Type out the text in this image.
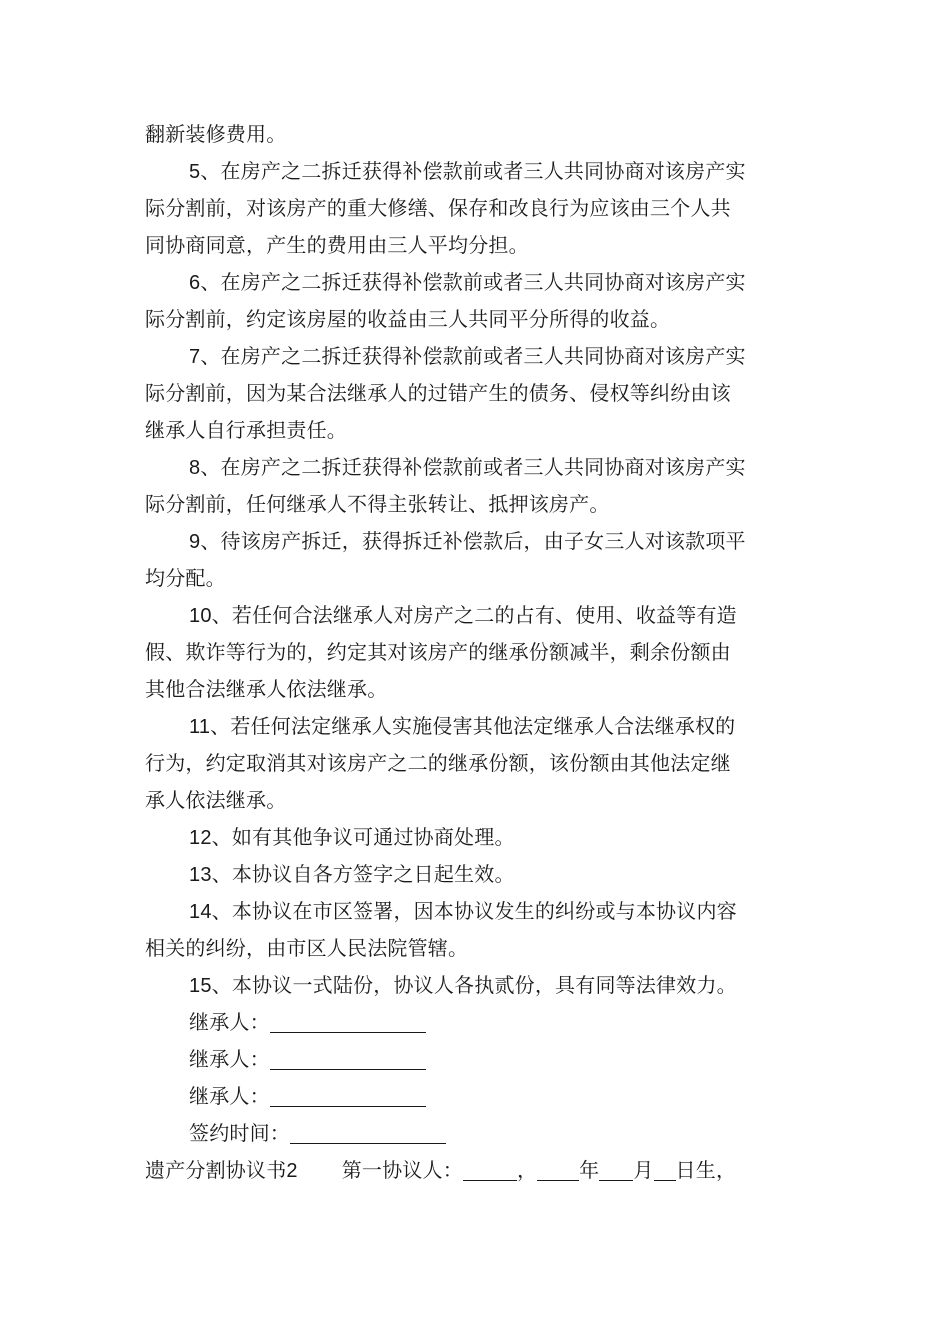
翻新装修费用。
5、在房产之二拆迁获得补偿款前或者三人共同协商对该房产实
际分割前，对该房产的重大修缮、保存和改良行为应该由三个人共
同协商同意，产生的费用由三人平均分担。
6、在房产之二拆迁获得补偿款前或者三人共同协商对该房产实
际分割前，约定该房屋的收益由三人共同平分所得的收益。
7、在房产之二拆迁获得补偿款前或者三人共同协商对该房产实
际分割前，因为某合法继承人的过错产生的债务、侵权等纠纷由该
继承人自行承担责任。
8、在房产之二拆迁获得补偿款前或者三人共同协商对该房产实
际分割前，任何继承人不得主张转让、抵押该房产。
9、待该房产拆迁，获得拆迁补偿款后，由子女三人对该款项平
均分配。
10、若任何合法继承人对房产之二的占有、使用、收益等有造
假、欺诈等行为的，约定其对该房产的继承份额减半，剩余份额由
其他合法继承人依法继承。
11、若任何法定继承人实施侵害其他法定继承人合法继承权的
行为，约定取消其对该房产之二的继承份额，该份额由其他法定继
承人依法继承。
12、如有其他争议可通过协商处理。
13、本协议自各方签字之日起生效。
14、本协议在市区签署，因本协议发生的纠纷或与本协议内容
相关的纠纷，由市区人民法院管辖。
15、本协议一式陆份，协议人各执贰份，具有同等法律效力。
继承人：
继承人：
继承人：
签约时间：
遗产分割协议书2 第一协议人：	， 年 月 日生，
